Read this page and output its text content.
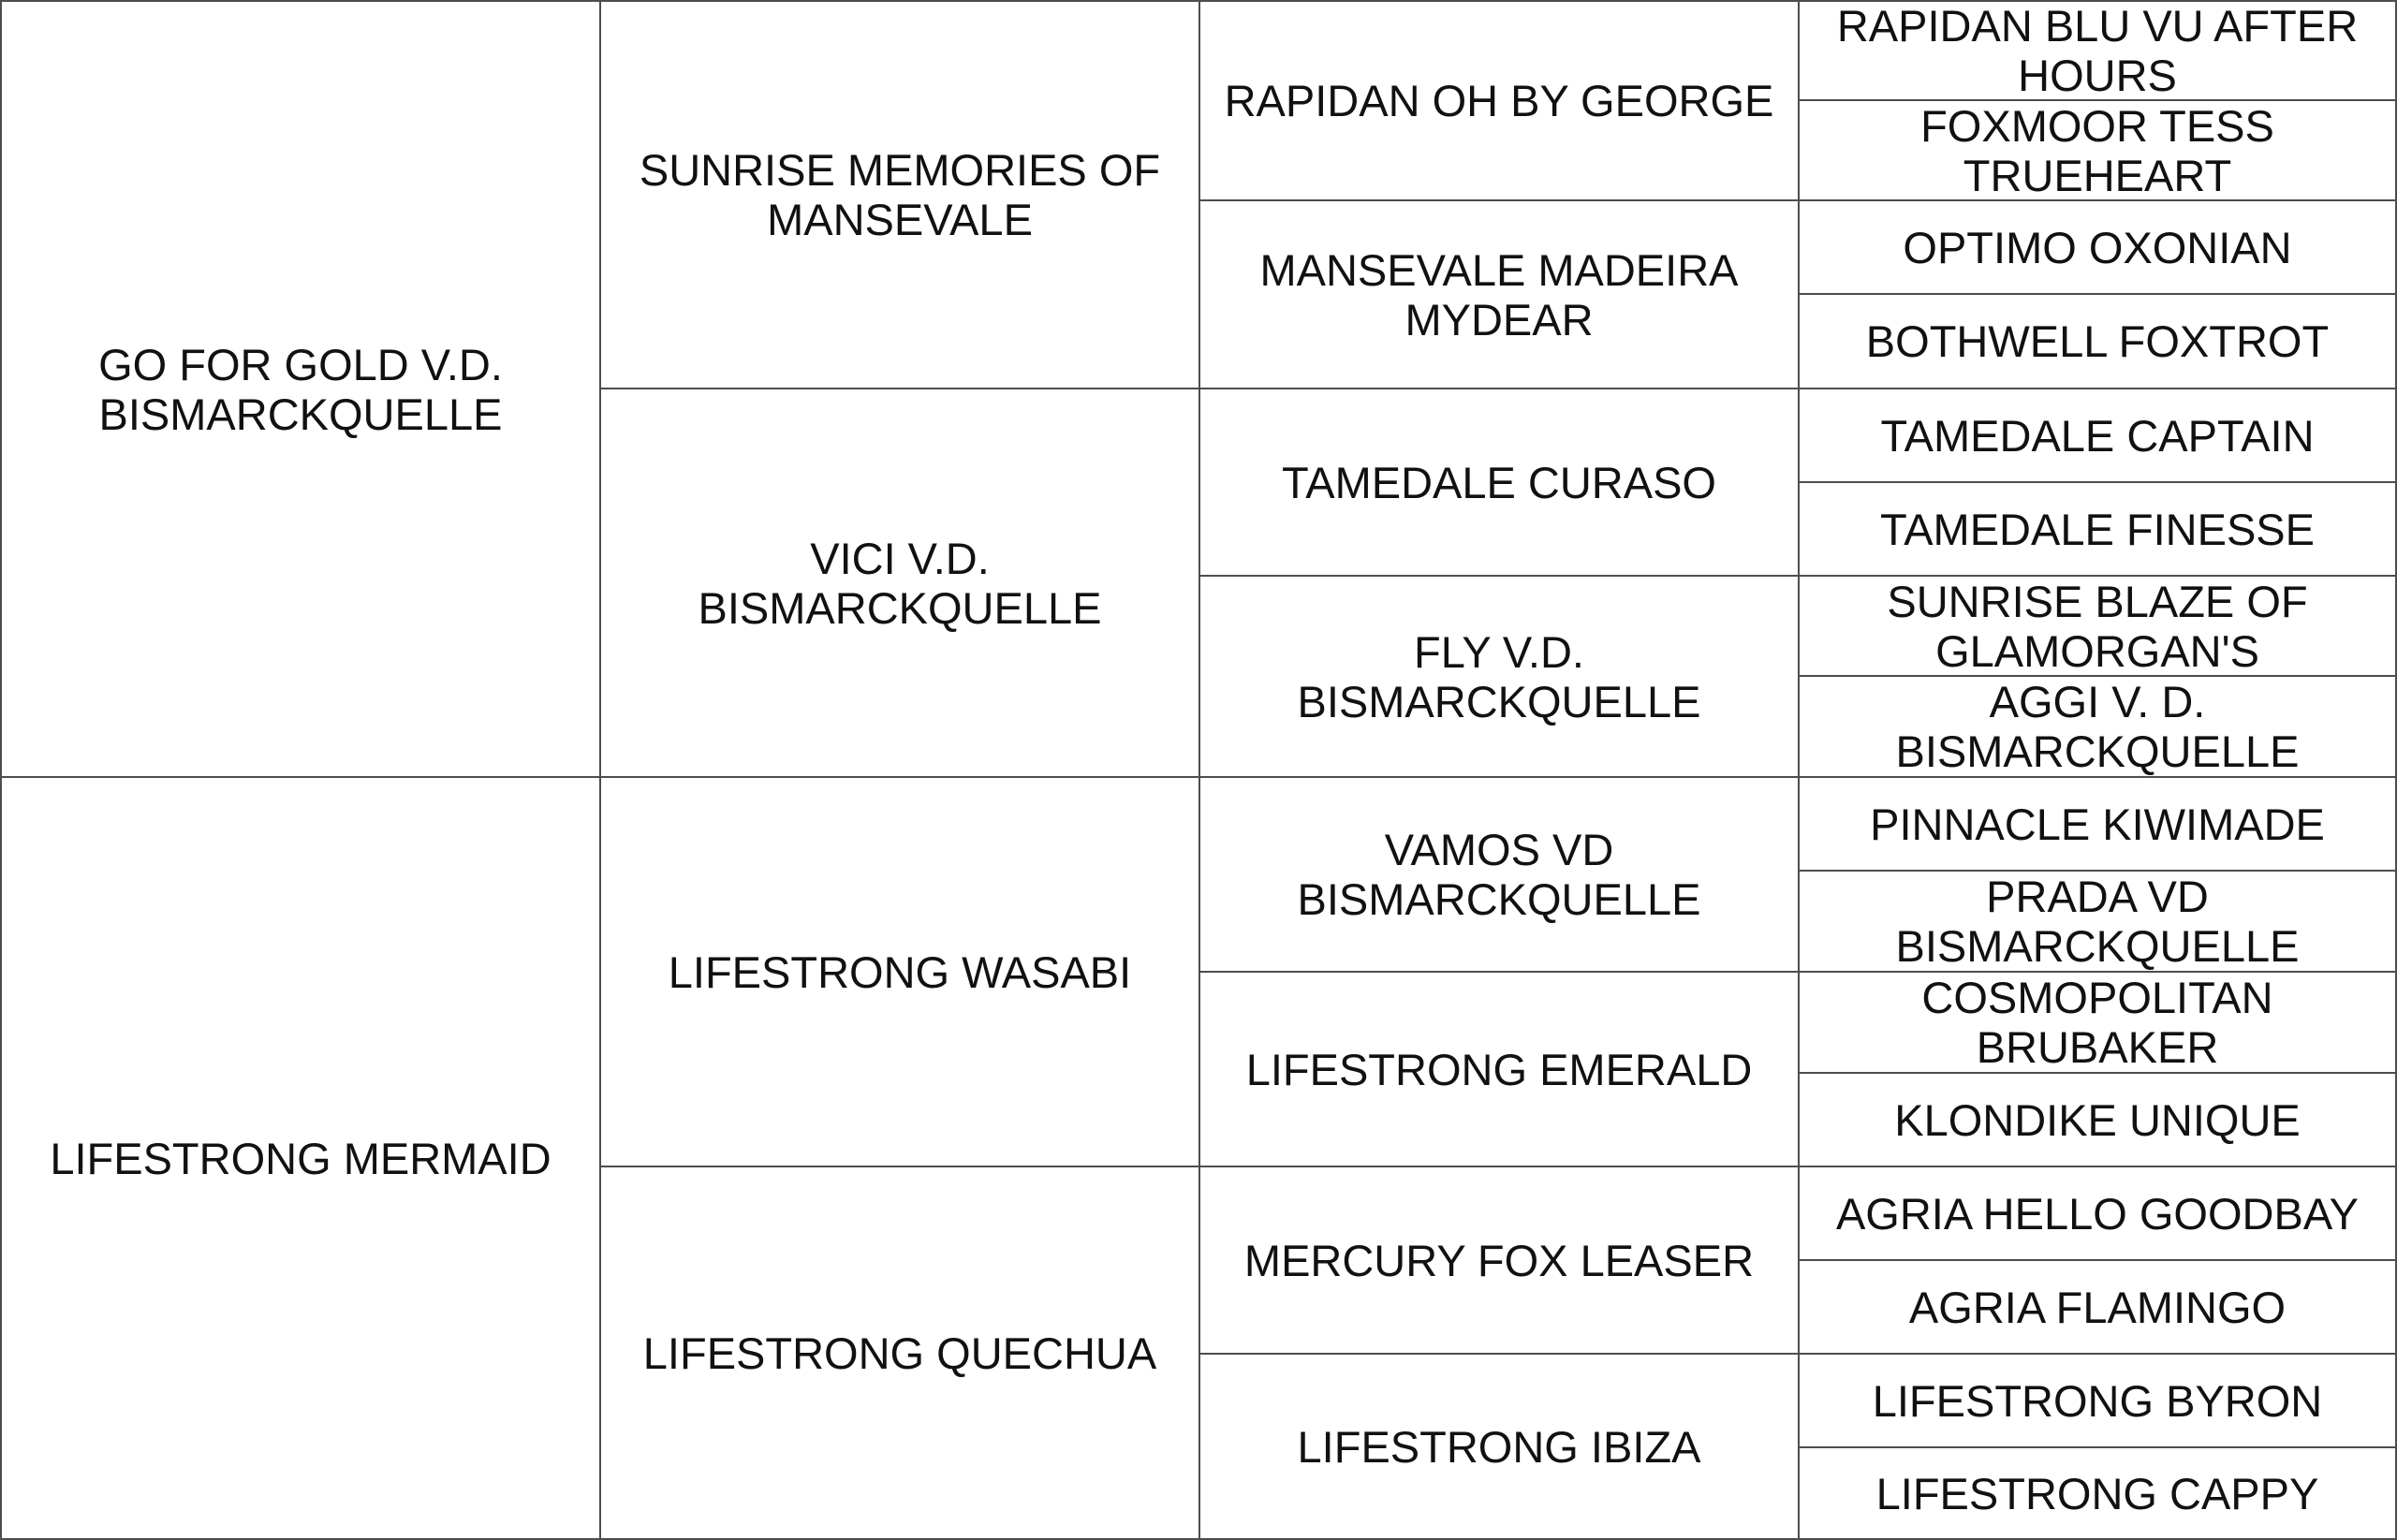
GO FOR GOLD V.D. BISMARCKQUELLE
LIFESTRONG MERMAID
SUNRISE MEMORIES OF MANSEVALE
VICI V.D. BISMARCKQUELLE
LIFESTRONG WASABI
LIFESTRONG QUECHUA
RAPIDAN OH BY GEORGE
MANSEVALE MADEIRA MYDEAR
TAMEDALE CURASO
FLY V.D. BISMARCKQUELLE
VAMOS VD BISMARCKQUELLE
LIFESTRONG EMERALD
MERCURY FOX LEASER
LIFESTRONG IBIZA
RAPIDAN BLU VU AFTER HOURS
FOXMOOR TESS TRUEHEART
OPTIMO OXONIAN
BOTHWELL FOXTROT
TAMEDALE CAPTAIN
TAMEDALE FINESSE
SUNRISE BLAZE OF GLAMORGAN'S
AGGI V. D. BISMARCKQUELLE
PINNACLE KIWIMADE
PRADA VD BISMARCKQUELLE
COSMOPOLITAN BRUBAKER
KLONDIKE UNIQUE
AGRIA HELLO GOODBAY
AGRIA FLAMINGO
LIFESTRONG BYRON
LIFESTRONG CAPPY
